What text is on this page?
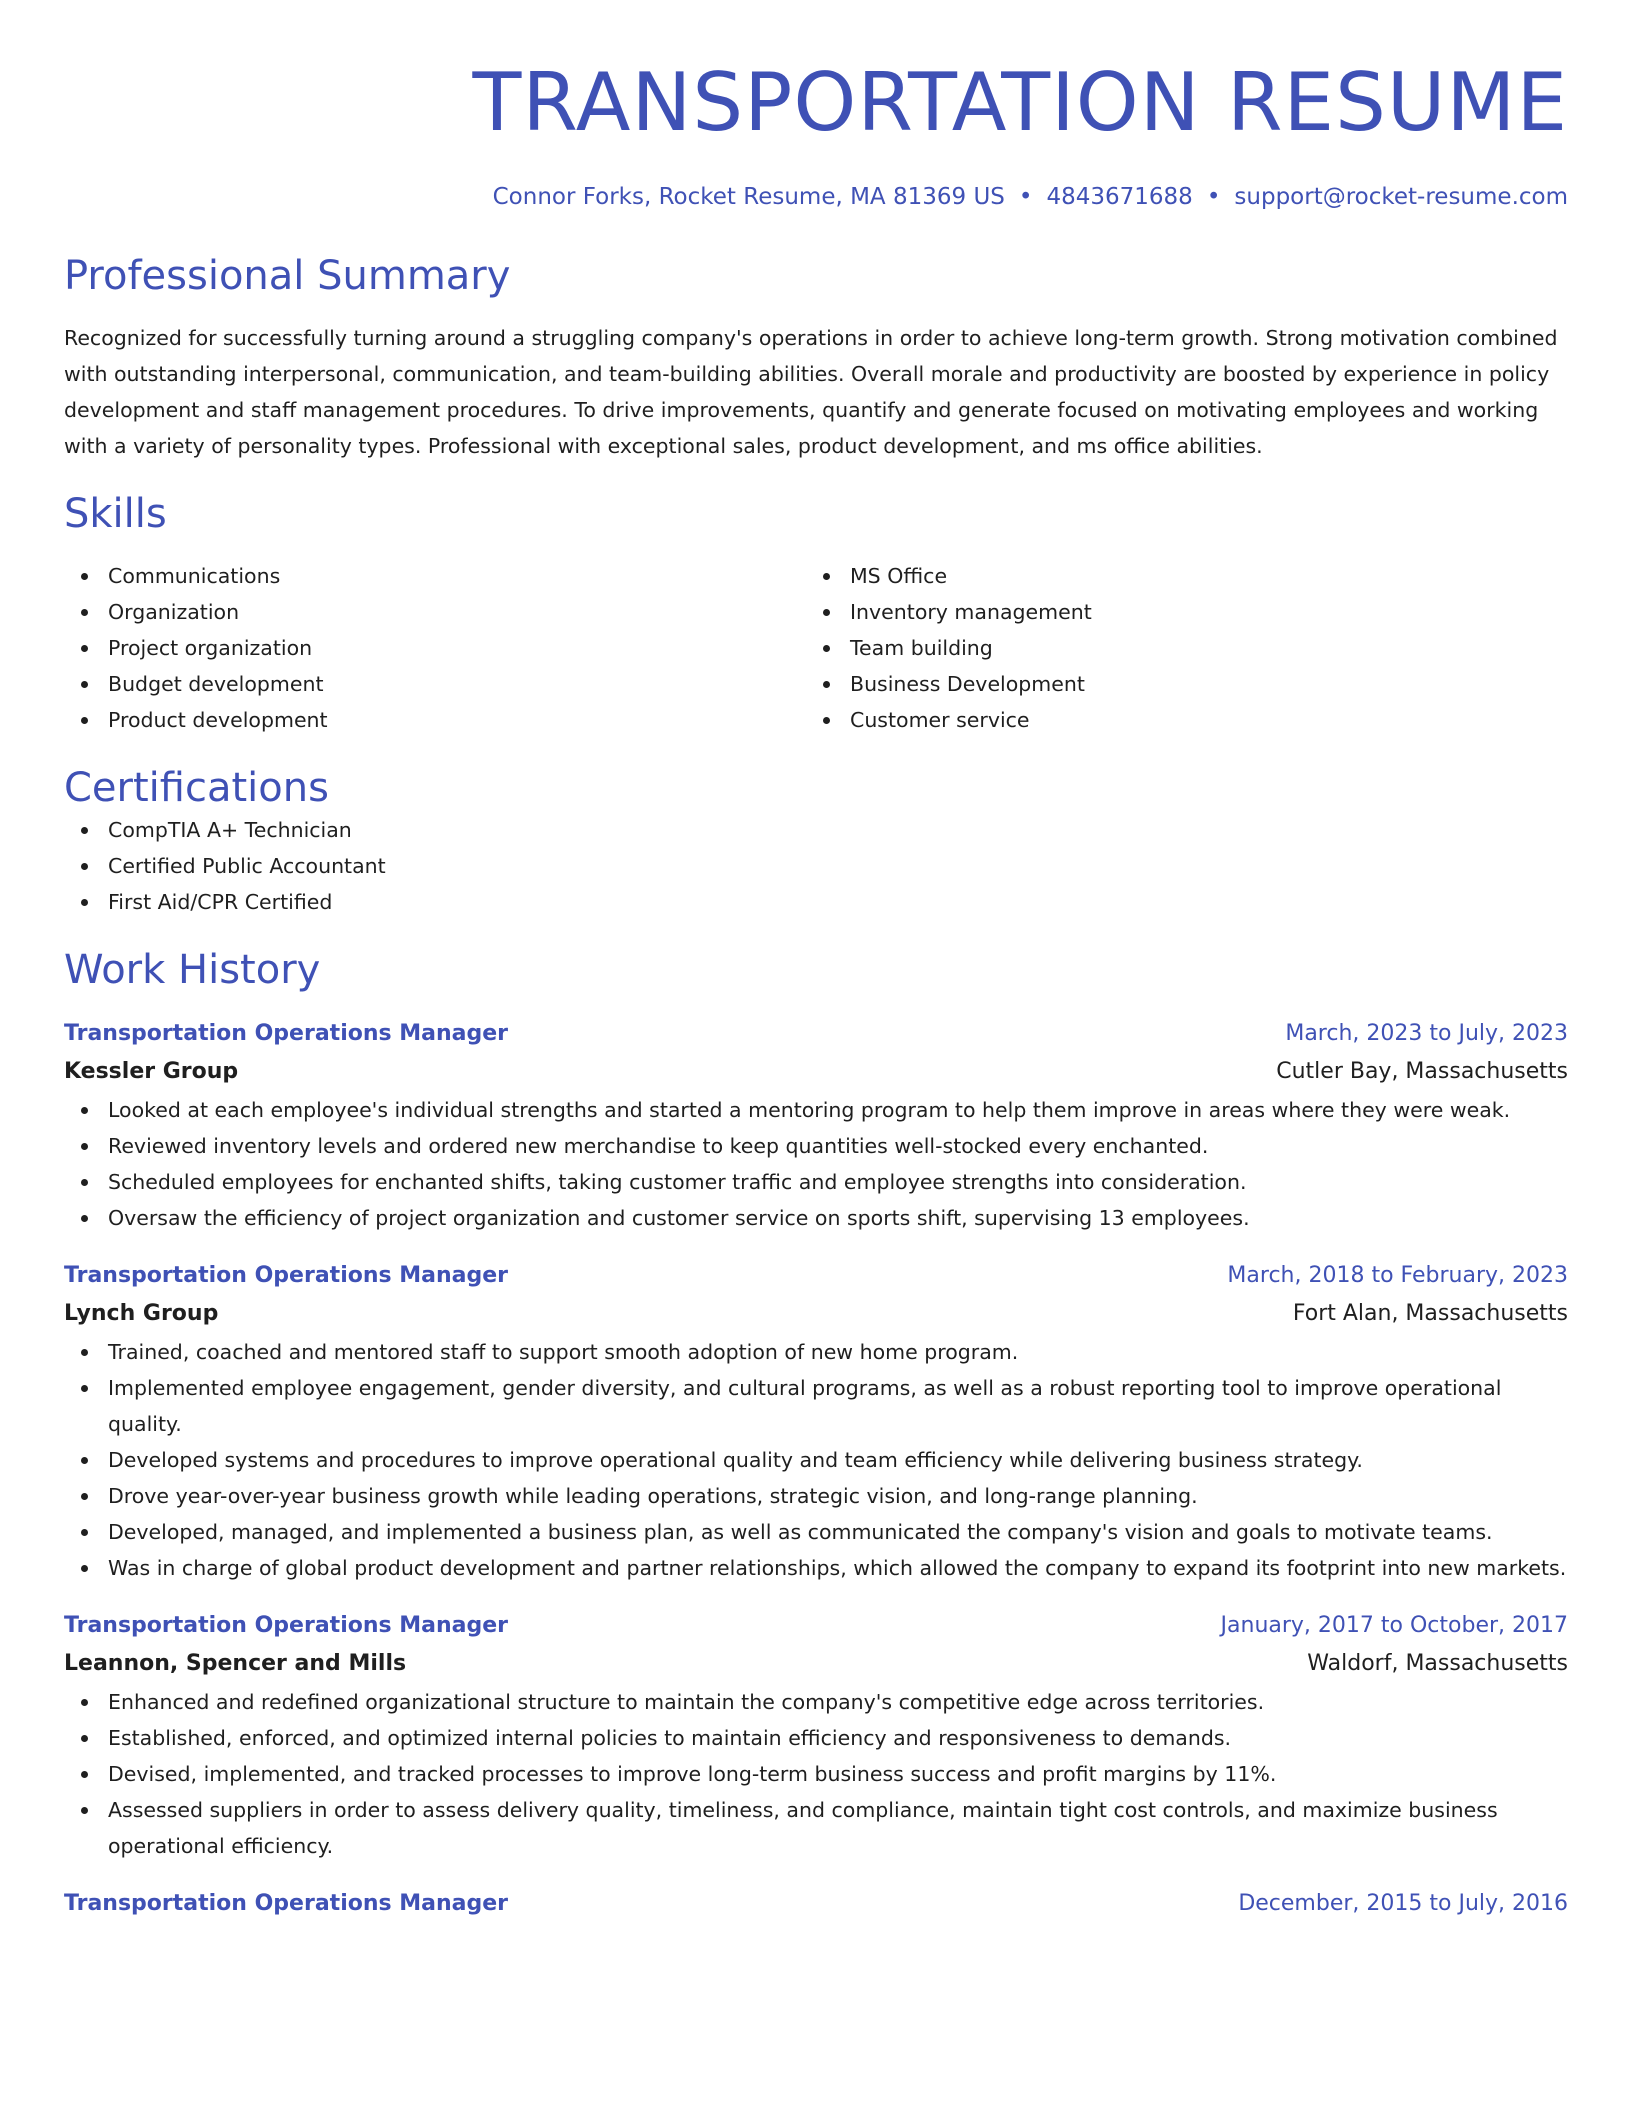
TRANSPORTATION RESUME
Connor Forks, Rocket Resume, MA 81369 US • 4843671688 • support@rocket-resume.com
Professional Summary
Recognized for successfully turning around a struggling company's operations in order to achieve long-term growth. Strong motivation combined with outstanding interpersonal, communication, and team-building abilities. Overall morale and productivity are boosted by experience in policy development and staff management procedures. To drive improvements, quantify and generate focused on motivating employees and working with a variety of personality types. Professional with exceptional sales, product development, and ms office abilities.
Skills
Communications
Organization
Project organization
Budget development
Product development
MS Office
Inventory management
Team building
Business Development
Customer service
Certifications
CompTIA A+ Technician
Certified Public Accountant
First Aid/CPR Certified
Work History
Transportation Operations Manager	March, 2023 to July, 2023
Kessler Group	Cutler Bay, Massachusetts
Looked at each employee's individual strengths and started a mentoring program to help them improve in areas where they were weak.
Reviewed inventory levels and ordered new merchandise to keep quantities well-stocked every enchanted.
Scheduled employees for enchanted shifts, taking customer traffic and employee strengths into consideration.
Oversaw the efficiency of project organization and customer service on sports shift, supervising 13 employees.
Transportation Operations Manager	March, 2018 to February, 2023
Lynch Group	Fort Alan, Massachusetts
Trained, coached and mentored staff to support smooth adoption of new home program.
Implemented employee engagement, gender diversity, and cultural programs, as well as a robust reporting tool to improve operational quality.
Developed systems and procedures to improve operational quality and team efficiency while delivering business strategy.
Drove year-over-year business growth while leading operations, strategic vision, and long-range planning.
Developed, managed, and implemented a business plan, as well as communicated the company's vision and goals to motivate teams.
Was in charge of global product development and partner relationships, which allowed the company to expand its footprint into new markets.
Transportation Operations Manager	January, 2017 to October, 2017
Leannon, Spencer and Mills	Waldorf, Massachusetts
Enhanced and redefined organizational structure to maintain the company's competitive edge across territories.
Established, enforced, and optimized internal policies to maintain efficiency and responsiveness to demands.
Devised, implemented, and tracked processes to improve long-term business success and profit margins by 11%.
Assessed suppliers in order to assess delivery quality, timeliness, and compliance, maintain tight cost controls, and maximize business operational efficiency.
Transportation Operations Manager	December, 2015 to July, 2016
